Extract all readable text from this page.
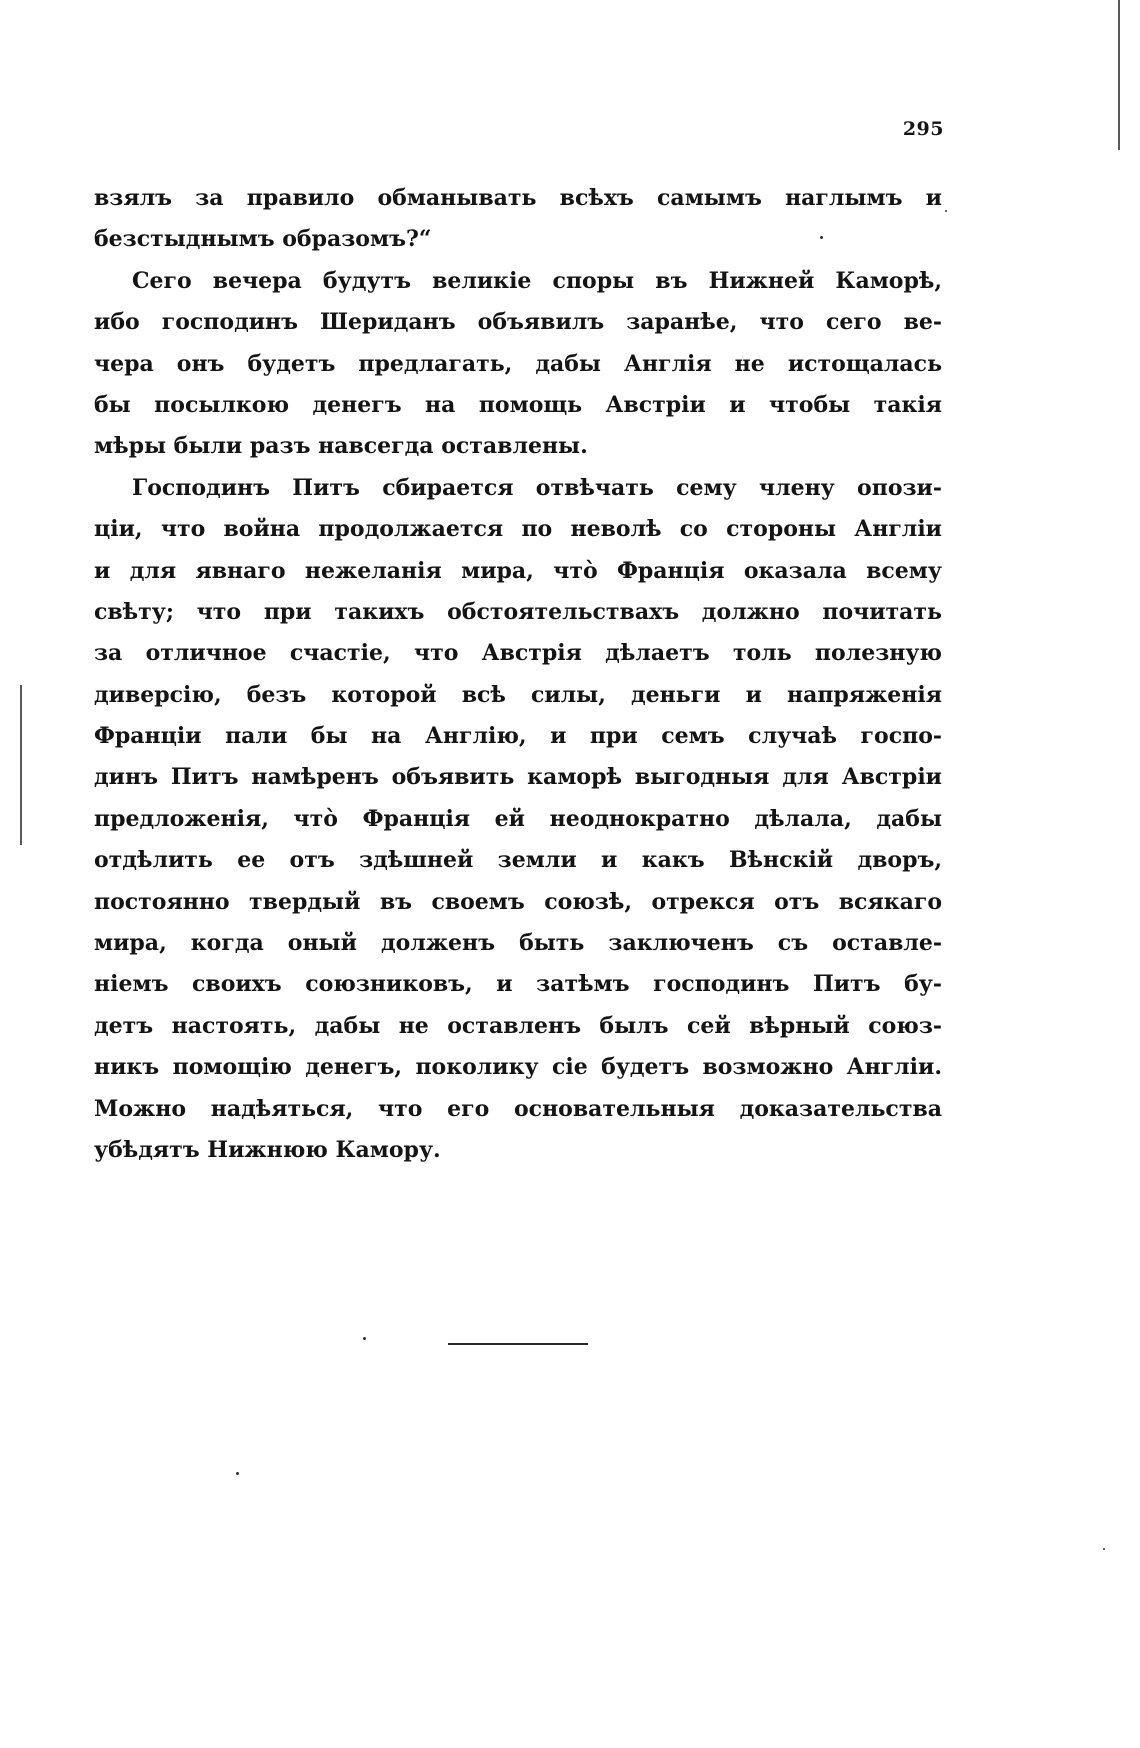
295
взялъ за правило обманывать всѣхъ самымъ наглымъ и
безстыднымъ образомъ?“
Сего вечера будутъ великіе споры въ Нижней Каморѣ,
ибо господинъ Шериданъ объявилъ заранѣе, что сего ве-
чера онъ будетъ предлагать, дабы Англія не истощалась
бы посылкою денегъ на помощь Австріи и чтобы такія
мѣры были разъ навсегда оставлены.
Господинъ Питъ сбирается отвѣчать сему члену опози-
ціи, что война продолжается по неволѣ со стороны Англіи
и для явнаго нежеланія мира, что̀ Франція оказала всему
свѣту; что при такихъ обстоятельствахъ должно почитать
за отличное счастіе, что Австрія дѣлаетъ толь полезную
диверсію, безъ которой всѣ силы, деньги и напряженія
Франціи пали бы на Англію, и при семъ случаѣ госпо-
динъ Питъ намѣренъ объявить каморѣ выгодныя для Австріи
предложенія, что̀ Франція ей неоднократно дѣлала, дабы
отдѣлить ее отъ здѣшней земли и какъ Вѣнскій дворъ,
постоянно твердый въ своемъ союзѣ, отрекся отъ всякаго
мира, когда оный долженъ быть заключенъ съ оставле-
ніемъ своихъ союзниковъ, и затѣмъ господинъ Питъ бу-
детъ настоять, дабы не оставленъ былъ сей вѣрный союз-
никъ помощію денегъ, поколику сіе будетъ возможно Англіи.
Можно надѣяться, что его основательныя доказательства
убѣдятъ Нижнюю Камору.
